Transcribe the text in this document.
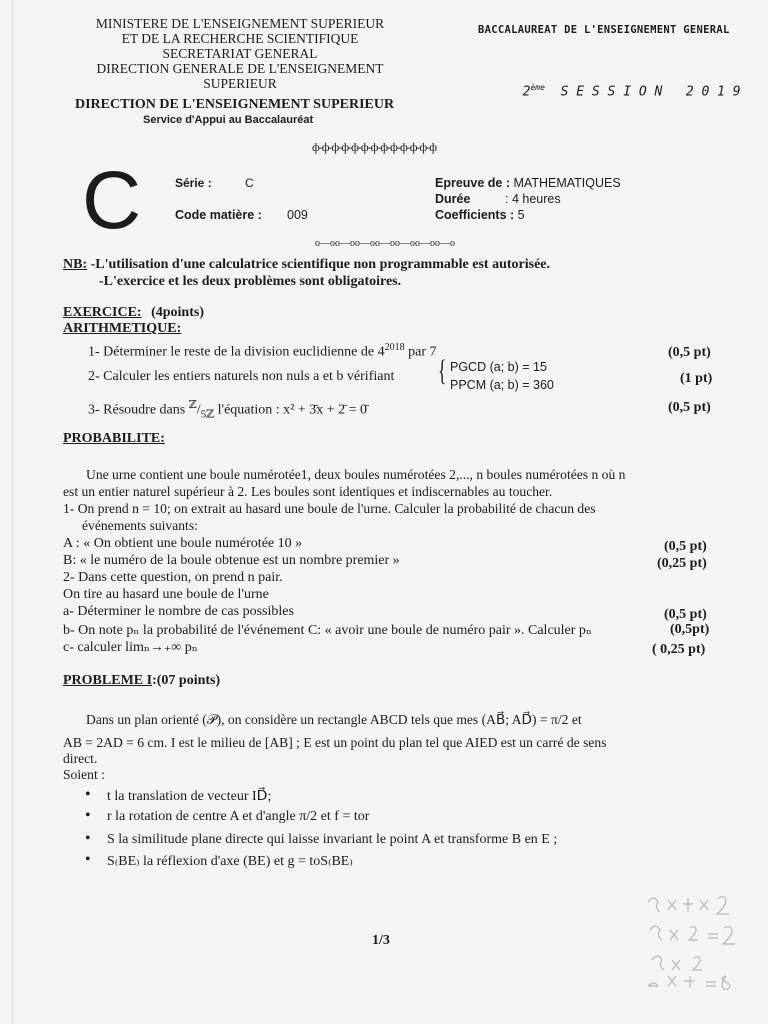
MINISTERE DE L'ENSEIGNEMENT SUPERIEUR
ET DE LA RECHERCHE SCIENTIFIQUE
SECRETARIAT GENERAL
DIRECTION GENERALE DE L'ENSEIGNEMENT
SUPERIEUR
DIRECTION DE L'ENSEIGNEMENT SUPERIEUR
Service d'Appui au Baccalauréat
BACCALAUREAT DE L'ENSEIGNEMENT GENERAL

2ème S E S S I O N   2 0 1 9

ф-ф-ф-ф-ф-ф-ф-ф-ф-ф-ф-ф-ф
C	Série :	C
Code matière : 009
Epreuve de : MATHEMATIQUES
Durée	: 4 heures
Coefficients : 5
o—oo—oo—oo—oo—oo—oo—o
NB: -L'utilisation d'une calculatrice scientifique non programmable est autorisée.
-L'exercice et les deux problèmes sont obligatoires.
EXERCICE: (4points)
ARITHMETIQUE:
1- Déterminer le reste de la division euclidienne de $4^{2018}$ par 7	(0,5 pt)
2- Calculer les entiers naturels non nuls a et b vérifiant { PGCD (a; b) = 15
PPCM (a; b) = 360	(1 pt)
3- Résoudre dans $^ℤ/_{5ℤ}$ l'équation : x² + 3̄x + 2̄ = 0̄	(0,5 pt)
PROBABILITE:
Une urne contient une boule numérotée1, deux boules numérotées 2,..., n boules numérotées n où n
est un entier naturel supérieur à 2. Les boules sont identiques et indiscernables au toucher.
1- On prend n = 10; on extrait au hasard une boule de l'urne. Calculer la probabilité de chacun des
événements suivants:
A : « On obtient une boule numérotée 10 »	(0,5 pt)
B: « le numéro de la boule obtenue est un nombre premier »	(0,25 pt)
2- Dans cette question, on prend n pair.
On tire au hasard une boule de l'urne
a- Déterminer le nombre de cas possibles	(0,5 pt)
b- On note pₙ la probabilité de l'événement C: « avoir une boule de numéro pair ». Calculer pₙ	(0,5pt)
c- calculer limₙ→₊∞ pₙ	( 0,25 pt)
PROBLEME I:(07 points)
Dans un plan orienté (𝒫), on considère un rectangle ABCD tels que mes (AB⃗; AD⃗) = π/2 et
AB = 2AD = 6 cm. I est le milieu de [AB] ; E est un point du plan tel que AIED est un carré de sens
direct.
Soient :
• t la translation de vecteur ID⃗;
• r la rotation de centre A et d'angle π/2 et f = tor
• S la similitude plane directe qui laisse invariant le point A et transforme B en E ;
• S₍BE₎ la réflexion d'axe (BE) et g = toS₍BE₎
1/3
